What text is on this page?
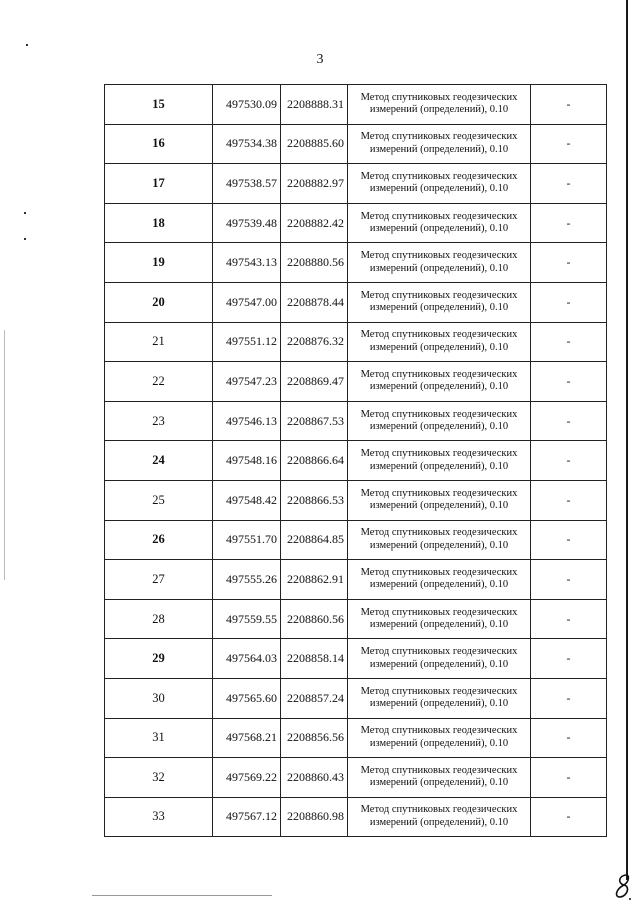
3
15	497530.09	2208888.31	Метод спутниковых геодезических
измерений (определений), 0.10	-
16	497534.38	2208885.60	Метод спутниковых геодезических
измерений (определений), 0.10	-
17	497538.57	2208882.97	Метод спутниковых геодезических
измерений (определений), 0.10	-
18	497539.48	2208882.42	Метод спутниковых геодезических
измерений (определений), 0.10	-
19	497543.13	2208880.56	Метод спутниковых геодезических
измерений (определений), 0.10	-
20	497547.00	2208878.44	Метод спутниковых геодезических
измерений (определений), 0.10	-
21	497551.12	2208876.32	Метод спутниковых геодезических
измерений (определений), 0.10	-
22	497547.23	2208869.47	Метод спутниковых геодезических
измерений (определений), 0.10	-
23	497546.13	2208867.53	Метод спутниковых геодезических
измерений (определений), 0.10	-
24	497548.16	2208866.64	Метод спутниковых геодезических
измерений (определений), 0.10	-
25	497548.42	2208866.53	Метод спутниковых геодезических
измерений (определений), 0.10	-
26	497551.70	2208864.85	Метод спутниковых геодезических
измерений (определений), 0.10	-
27	497555.26	2208862.91	Метод спутниковых геодезических
измерений (определений), 0.10	-
28	497559.55	2208860.56	Метод спутниковых геодезических
измерений (определений), 0.10	-
29	497564.03	2208858.14	Метод спутниковых геодезических
измерений (определений), 0.10	-
30	497565.60	2208857.24	Метод спутниковых геодезических
измерений (определений), 0.10	-
31	497568.21	2208856.56	Метод спутниковых геодезических
измерений (определений), 0.10	-
32	497569.22	2208860.43	Метод спутниковых геодезических
измерений (определений), 0.10	-
33	497567.12	2208860.98	Метод спутниковых геодезических
измерений (определений), 0.10	-
